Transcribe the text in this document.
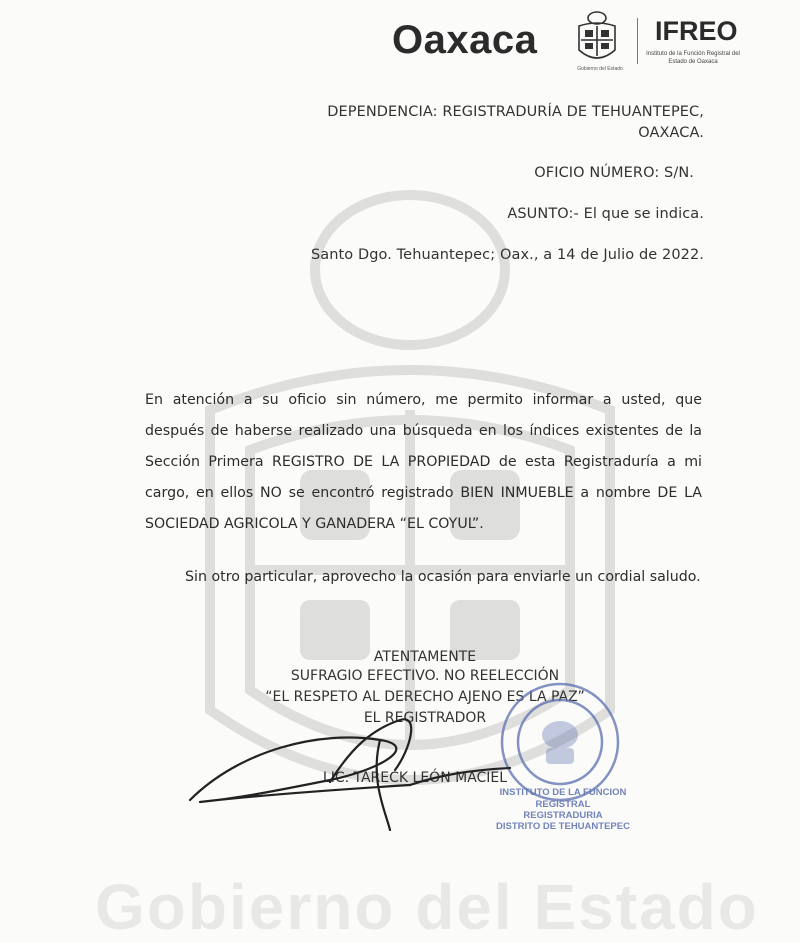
Gobierno del Estado
Oaxaca
Gobierno del Estado
IFREO
Instituto de la Función Registral del Estado de Oaxaca
DEPENDENCIA: REGISTRADURÍA DE TEHUANTEPEC,
OAXACA.
OFICIO NÚMERO: S/N.
ASUNTO:- El que se indica.
Santo Dgo. Tehuantepec; Oax., a 14 de Julio de 2022.
En atención a su oficio sin número, me permito informar a usted, que después de haberse realizado una búsqueda en los índices existentes de la Sección Primera REGISTRO DE LA PROPIEDAD de esta Registraduría a mi cargo, en ellos NO se encontró registrado BIEN INMUEBLE a nombre DE LA SOCIEDAD AGRICOLA Y GANADERA “EL COYUL”.
Sin otro particular, aprovecho la ocasión para enviarle un cordial saludo.
ATENTAMENTE
SUFRAGIO EFECTIVO. NO REELECCIÓN
“EL RESPETO AL DERECHO AJENO ES LA PAZ”
EL REGISTRADOR
LIC. TARECK LEÓN MACIEL
INSTITUTO DE LA FUNCION
REGISTRAL
REGISTRADURIA
DISTRITO DE TEHUANTEPEC
